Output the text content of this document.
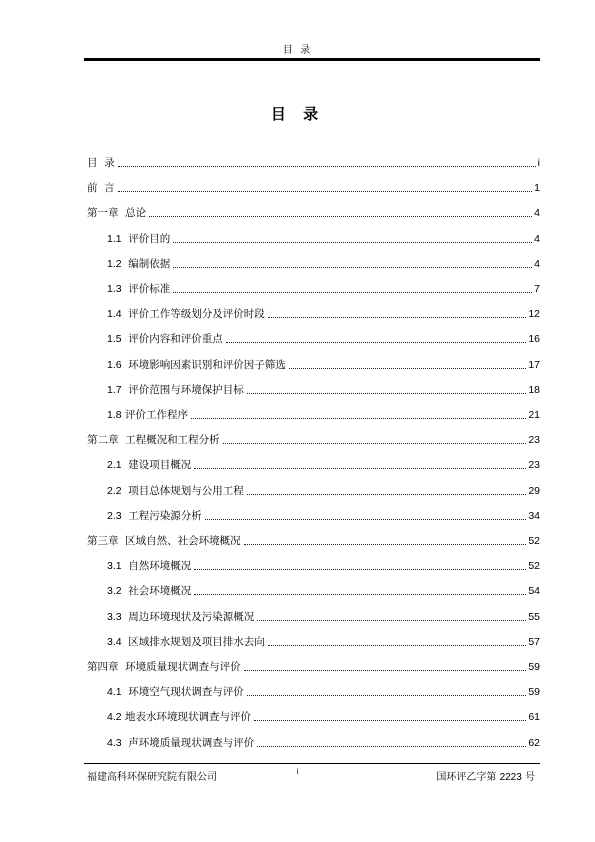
目 录
目 录
目  录	i
前  言	1
第一章  总论	4
1.1  评价目的	4
1.2  编制依据	4
1.3  评价标准	7
1.4  评价工作等级划分及评价时段	12
1.5  评价内容和评价重点	16
1.6  环境影响因素识别和评价因子筛选	17
1.7  评价范围与环境保护目标	18
1.8 评价工作程序	21
第二章  工程概况和工程分析	23
2.1  建设项目概况	23
2.2  项目总体规划与公用工程	29
2.3  工程污染源分析	34
第三章  区域自然、社会环境概况	52
3.1  自然环境概况	52
3.2  社会环境概况	54
3.3  周边环境现状及污染源概况	55
3.4  区域排水规划及项目排水去向	57
第四章  环境质量现状调查与评价	59
4.1  环境空气现状调查与评价	59
4.2 地表水环境现状调查与评价	61
4.3  声环境质量现状调查与评价	62
福建高科环保研究院有限公司
i
国环评乙字第 2223 号
